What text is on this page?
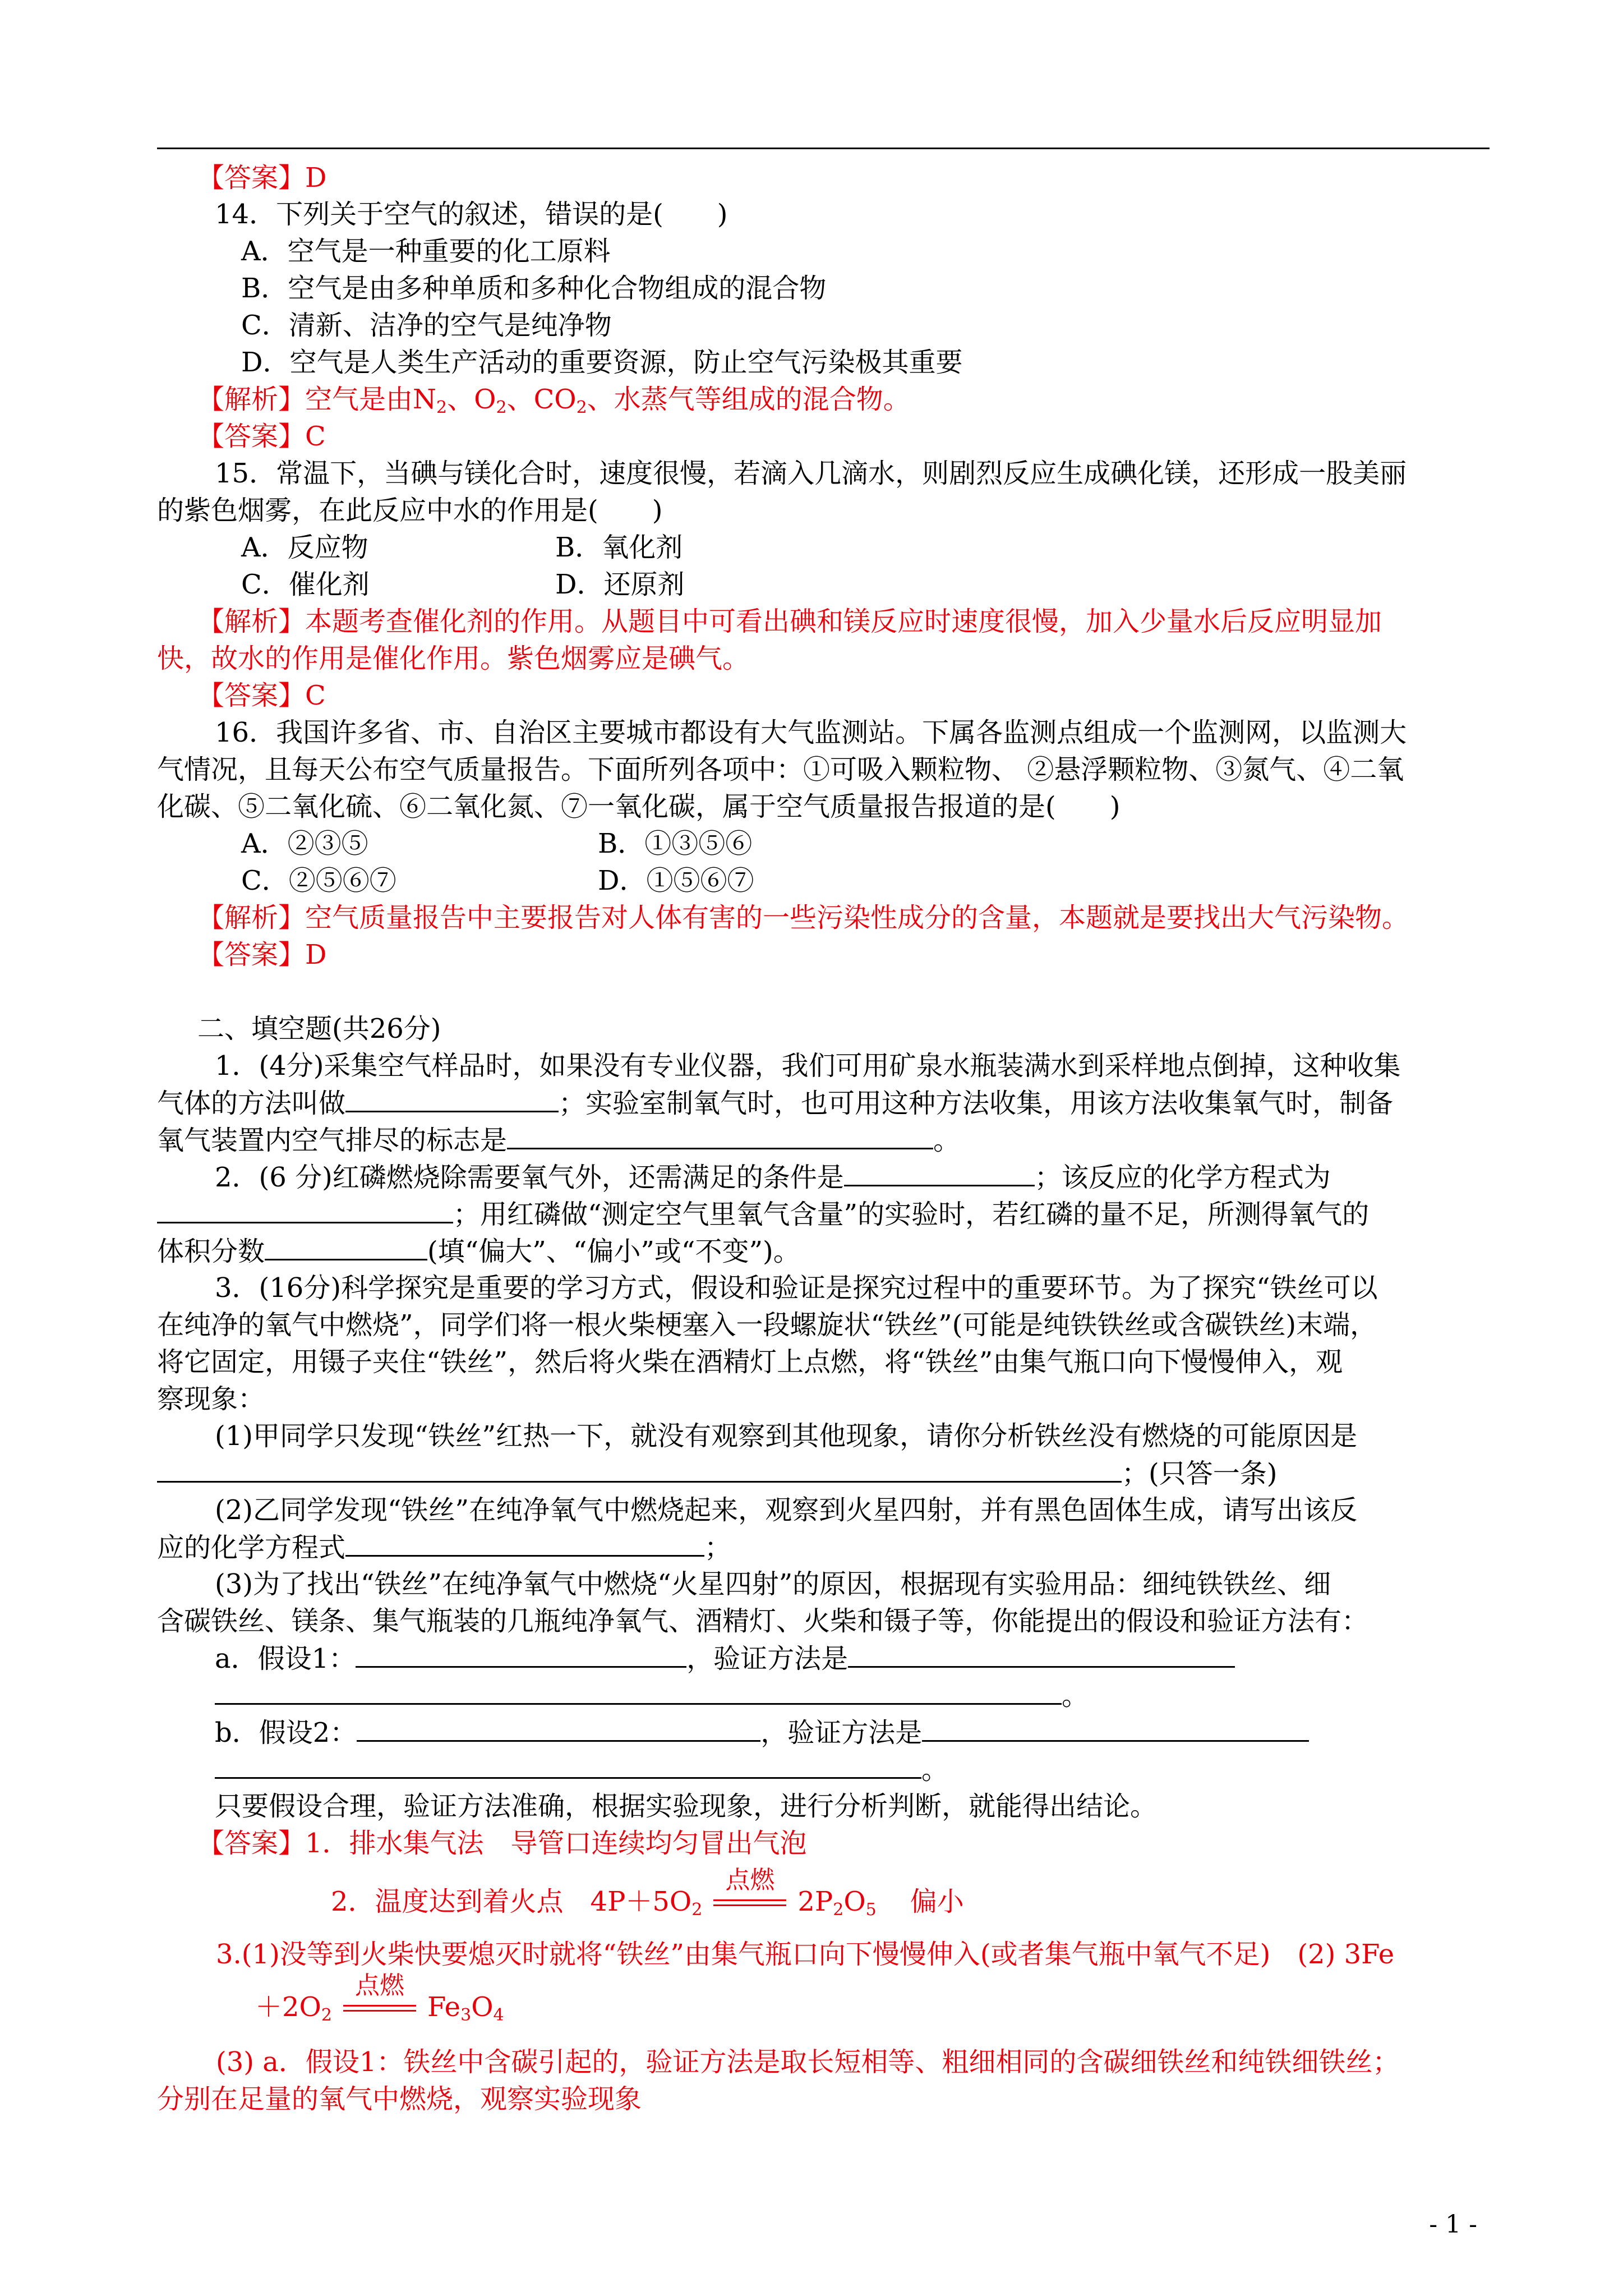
【答案】D
14．下列关于空气的叙述，错误的是(　　)
A．空气是一种重要的化工原料
B．空气是由多种单质和多种化合物组成的混合物
C．清新、洁净的空气是纯净物
D．空气是人类生产活动的重要资源，防止空气污染极其重要
【解析】空气是由$N_2$、$O_2$、$CO_2$、水蒸气等组成的混合物。
【答案】C
15．常温下，当碘与镁化合时，速度很慢，若滴入几滴水，则剧烈反应生成碘化镁，还形成一股美丽
的紫色烟雾，在此反应中水的作用是(　　)
A．反应物	B．氧化剂
C．催化剂	D．还原剂
【解析】本题考查催化剂的作用。从题目中可看出碘和镁反应时速度很慢，加入少量水后反应明显加
快，故水的作用是催化作用。紫色烟雾应是碘气。
【答案】C
16．我国许多省、市、自治区主要城市都设有大气监测站。下属各监测点组成一个监测网，以监测大
气情况，且每天公布空气质量报告。下面所列各项中：①可吸入颗粒物、 ②悬浮颗粒物、③氮气、④二氧
化碳、⑤二氧化硫、⑥二氧化氮、⑦一氧化碳，属于空气质量报告报道的是(　　)
A．②③⑤	B．①③⑤⑥
C．②⑤⑥⑦	D．①⑤⑥⑦
【解析】空气质量报告中主要报告对人体有害的一些污染性成分的含量，本题就是要找出大气污染物。
【答案】D
二、填空题(共26分)
1．(4分)采集空气样品时，如果没有专业仪器，我们可用矿泉水瓶装满水到采样地点倒掉，这种收集
气体的方法叫做	；实验室制氧气时，也可用这种方法收集，用该方法收集氧气时，制备
氧气装置内空气排尽的标志是	。
2．(6 分)红磷燃烧除需要氧气外，还需满足的条件是	；该反应的化学方程式为
；用红磷做“测定空气里氧气含量”的实验时，若红磷的量不足，所测得氧气的
体积分数	(填“偏大”、“偏小”或“不变”)。
3．(16分)科学探究是重要的学习方式，假设和验证是探究过程中的重要环节。为了探究“铁丝可以
在纯净的氧气中燃烧”，同学们将一根火柴梗塞入一段螺旋状“铁丝”(可能是纯铁铁丝或含碳铁丝)末端，
将它固定，用镊子夹住“铁丝”，然后将火柴在酒精灯上点燃，将“铁丝”由集气瓶口向下慢慢伸入，观
察现象：
(1)甲同学只发现“铁丝”红热一下，就没有观察到其他现象，请你分析铁丝没有燃烧的可能原因是
；(只答一条)
(2)乙同学发现“铁丝”在纯净氧气中燃烧起来，观察到火星四射，并有黑色固体生成，请写出该反
应的化学方程式	；
(3)为了找出“铁丝”在纯净氧气中燃烧“火星四射”的原因，根据现有实验用品：细纯铁铁丝、细
含碳铁丝、镁条、集气瓶装的几瓶纯净氧气、酒精灯、火柴和镊子等，你能提出的假设和验证方法有：
a．假设1：	，验证方法是
。
b．假设2：	，验证方法是
。
只要假设合理，验证方法准确，根据实验现象，进行分析判断，就能得出结论。
【答案】1．排水集气法　导管口连续均匀冒出气泡
2．温度达到着火点　$4P+5O_2$
点燃
$2P_2O_5$ 偏小
3.(1)没等到火柴快要熄灭时就将“铁丝”由集气瓶口向下慢慢伸入(或者集气瓶中氧气不足)　(2) 3Fe
$+2O_2$
点燃
$Fe_3O_4$
(3) a．假设1：铁丝中含碳引起的，验证方法是取长短相等、粗细相同的含碳细铁丝和纯铁细铁丝；
分别在足量的氧气中燃烧，观察实验现象
- 1 -
